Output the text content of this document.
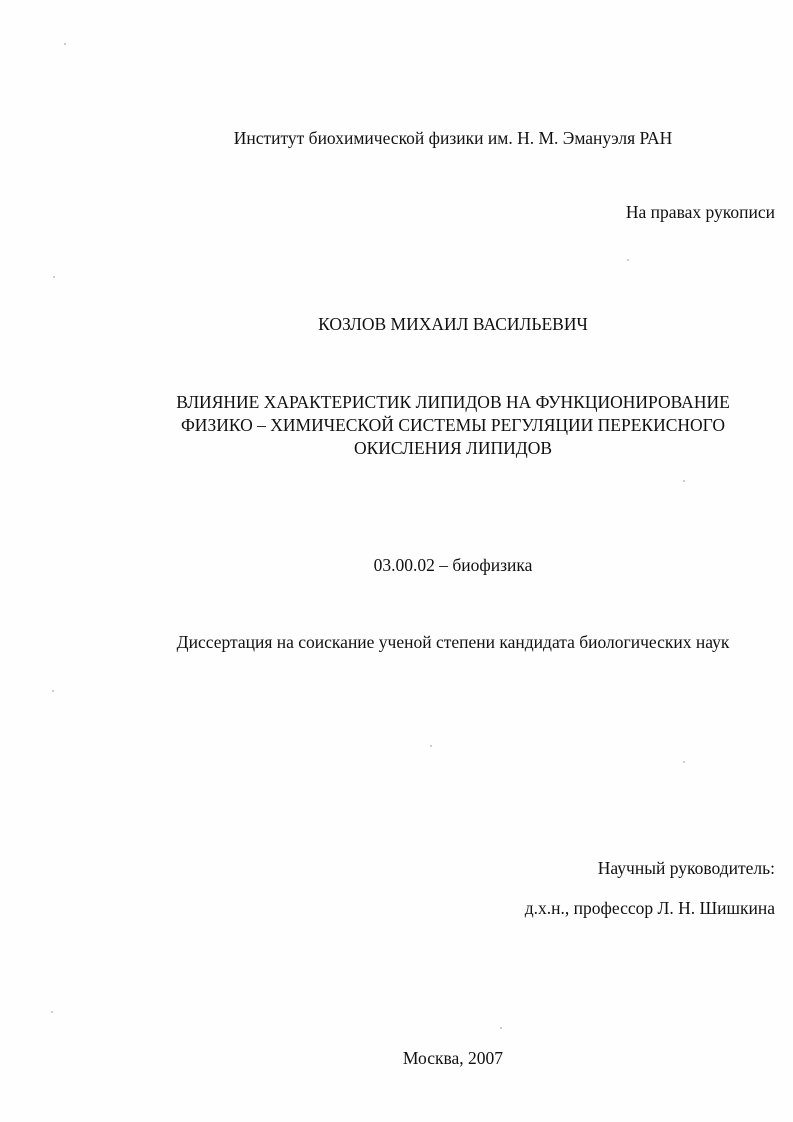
Институт биохимической физики им. Н. М. Эмануэля РАН
На правах рукописи
КОЗЛОВ МИХАИЛ ВАСИЛЬЕВИЧ
ВЛИЯНИЕ ХАРАКТЕРИСТИК ЛИПИДОВ НА ФУНКЦИОНИРОВАНИЕ
ФИЗИКО – ХИМИЧЕСКОЙ СИСТЕМЫ РЕГУЛЯЦИИ ПЕРЕКИСНОГО
ОКИСЛЕНИЯ ЛИПИДОВ
03.00.02 – биофизика
Диссертация на соискание ученой степени кандидата биологических наук
Научный руководитель:
д.х.н., профессор Л. Н. Шишкина
Москва, 2007
